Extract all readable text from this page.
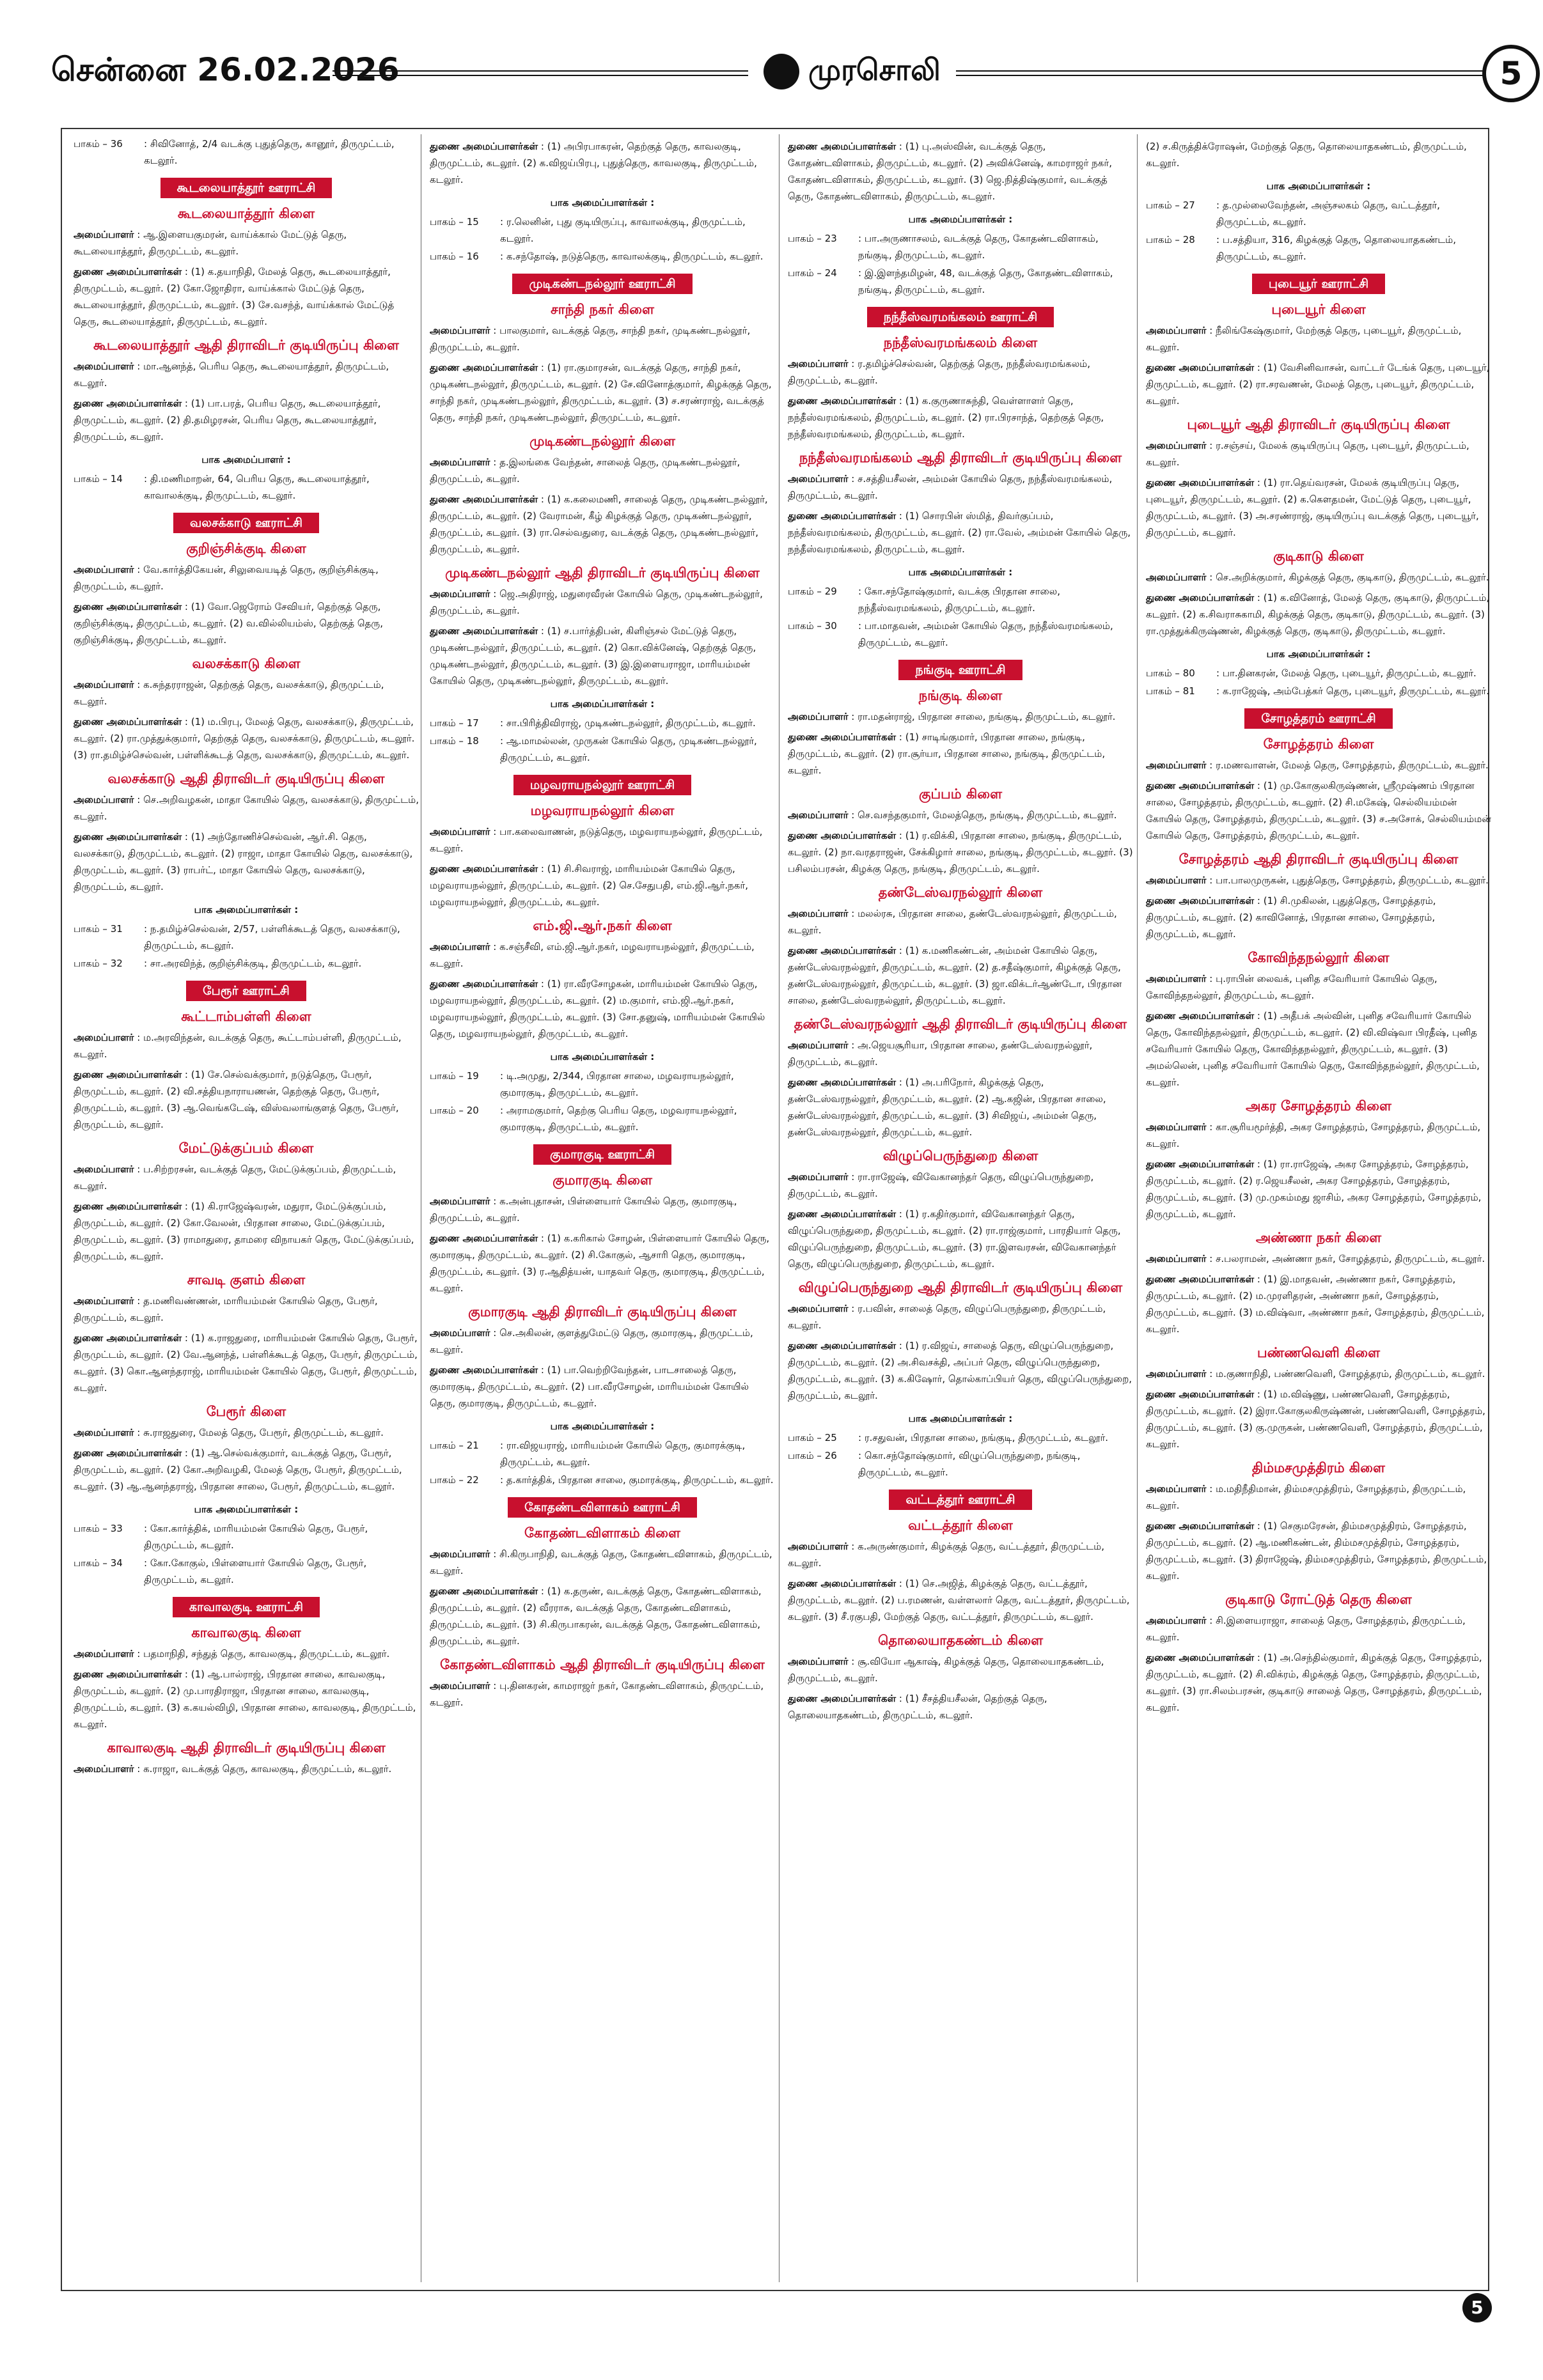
சென்னை 26.02.2026	முரசொலி	5
பாகம் – 36	: சிவினோத், 2/4 வடக்கு புதுத்தெரு, கானூர், திருமுட்டம், கடலூர்.
கூடலையாத்தூர் ஊராட்சி
கூடலையாத்தூர் கிளை
அமைப்பாளர் : ஆ.இளையகுமரன், வாய்க்கால் மேட்டுத் தெரு, கூடலையாத்தூர், திருமுட்டம், கடலூர்.
துணை அமைப்பாளர்கள் : (1) க.தயாநிதி, மேலத் தெரு, கூடலையாத்தூர், திருமுட்டம், கடலூர். (2) கோ.ஜோதிரா, வாய்க்கால் மேட்டுத் தெரு, கூடலையாத்தூர், திருமுட்டம், கடலூர். (3) சே.வசந்த், வாய்க்கால் மேட்டுத் தெரு, கூடலையாத்தூர், திருமுட்டம், கடலூர்.
கூடலையாத்தூர் ஆதி திராவிடர் குடியிருப்பு கிளை
அமைப்பாளர் : மா.ஆனந்த், பெரிய தெரு, கூடலையாத்தூர், திருமுட்டம், கடலூர்.
துணை அமைப்பாளர்கள் : (1) பா.பரத், பெரிய தெரு, கூடலையாத்தூர், திருமுட்டம், கடலூர். (2) தி.தமிழரசன், பெரிய தெரு, கூடலையாத்தூர், திருமுட்டம், கடலூர்.
பாக அமைப்பாளர் :
பாகம் – 14	: தி.மணிமாறன், 64, பெரிய தெரு, கூடலையாத்தூர், காவாலக்குடி, திருமுட்டம், கடலூர்.
வலசக்காடு ஊராட்சி
குறிஞ்சிக்குடி கிளை
அமைப்பாளர் : வே.கார்த்திகேயன், சிலுவையடித் தெரு, குறிஞ்சிக்குடி, திருமுட்டம், கடலூர்.
துணை அமைப்பாளர்கள் : (1) வோ.ஜெரோம் சேவியர், தெற்குத் தெரு, குறிஞ்சிக்குடி, திருமுட்டம், கடலூர். (2) வ.வில்லியம்ஸ், தெற்குத் தெரு, குறிஞ்சிக்குடி, திருமுட்டம், கடலூர்.
வலசக்காடு கிளை
அமைப்பாளர் : க.சுந்தரராஜன், தெற்குத் தெரு, வலசக்காடு, திருமுட்டம், கடலூர்.
துணை அமைப்பாளர்கள் : (1) ம.பிரபு, மேலத் தெரு, வலசக்காடு, திருமுட்டம், கடலூர். (2) ரா.முத்துக்குமார், தெற்குத் தெரு, வலசக்காடு, திருமுட்டம், கடலூர். (3) ரா.தமிழ்ச்செல்வன், பள்ளிக்கூடத் தெரு, வலசக்காடு, திருமுட்டம், கடலூர்.
வலசக்காடு ஆதி திராவிடர் குடியிருப்பு கிளை
அமைப்பாளர் : செ.அறிவழகன், மாதா கோயில் தெரு, வலசக்காடு, திருமுட்டம், கடலூர்.
துணை அமைப்பாளர்கள் : (1) அந்தோணிச்செல்வன், ஆர்.சி. தெரு, வலசக்காடு, திருமுட்டம், கடலூர். (2) ராஜா, மாதா கோயில் தெரு, வலசக்காடு, திருமுட்டம், கடலூர். (3) ராபர்ட், மாதா கோயில் தெரு, வலசக்காடு, திருமுட்டம், கடலூர்.
பாக அமைப்பாளர்கள் :
பாகம் – 31	: ந.தமிழ்ச்செல்வன், 2/57, பள்ளிக்கூடத் தெரு, வலசக்காடு, திருமுட்டம், கடலூர்.
பாகம் – 32	: சா.அரவிந்த், குறிஞ்சிக்குடி, திருமுட்டம், கடலூர்.
பேரூர் ஊராட்சி
கூட்டாம்பள்ளி கிளை
அமைப்பாளர் : ம.அரவிந்தன், வடக்குத் தெரு, கூட்டாம்பள்ளி, திருமுட்டம், கடலூர்.
துணை அமைப்பாளர்கள் : (1) சே.செல்வக்குமார், நடுத்தெரு, பேரூர், திருமுட்டம், கடலூர். (2) வி.சத்தியநாராயணன், தெற்குத் தெரு, பேரூர், திருமுட்டம், கடலூர். (3) ஆ.வெங்கடேஷ், விஸ்வலாங்குளத் தெரு, பேரூர், திருமுட்டம், கடலூர்.
மேட்டுக்குப்பம் கிளை
அமைப்பாளர் : ப.சிற்றரசன், வடக்குத் தெரு, மேட்டுக்குப்பம், திருமுட்டம், கடலூர்.
துணை அமைப்பாளர்கள் : (1) கி.ராஜேஷ்வரன், மதுரா, மேட்டுக்குப்பம், திருமுட்டம், கடலூர். (2) கோ.வேலன், பிரதான சாலை, மேட்டுக்குப்பம், திருமுட்டம், கடலூர். (3) ராமாதுரை, தாமரை விநாயகர் தெரு, மேட்டுக்குப்பம், திருமுட்டம், கடலூர்.
சாவடி குளம் கிளை
அமைப்பாளர் : த.மணிவண்ணன், மாரியம்மன் கோயில் தெரு, பேரூர், திருமுட்டம், கடலூர்.
துணை அமைப்பாளர்கள் : (1) க.ராஜதுரை, மாரியம்மன் கோயில் தெரு, பேரூர், திருமுட்டம், கடலூர். (2) வே.ஆனந்த், பள்ளிக்கூடத் தெரு, பேரூர், திருமுட்டம், கடலூர். (3) கொ.ஆனந்தராஜ், மாரியம்மன் கோயில் தெரு, பேரூர், திருமுட்டம், கடலூர்.
பேரூர் கிளை
அமைப்பாளர் : சு.ராஜதுரை, மேலத் தெரு, பேரூர், திருமுட்டம், கடலூர்.
துணை அமைப்பாளர்கள் : (1) ஆ.செல்வக்குமார், வடக்குத் தெரு, பேரூர், திருமுட்டம், கடலூர். (2) கோ.அறிவழகி, மேலத் தெரு, பேரூர், திருமுட்டம், கடலூர். (3) ஆ.ஆனந்தராஜ், பிரதான சாலை, பேரூர், திருமுட்டம், கடலூர்.
பாக அமைப்பாளர்கள் :
பாகம் – 33	: கோ.கார்த்திக், மாரியம்மன் கோயில் தெரு, பேரூர், திருமுட்டம், கடலூர்.
பாகம் – 34	: கோ.கோகுல், பிள்ளையார் கோயில் தெரு, பேரூர், திருமுட்டம், கடலூர்.
காவாலகுடி ஊராட்சி
காவாலகுடி கிளை
அமைப்பாளர் : பதமாநிதி, சந்துத் தெரு, காவலகுடி, திருமுட்டம், கடலூர்.
துணை அமைப்பாளர்கள் : (1) ஆ.பால்ராஜ், பிரதான சாலை, காவலகுடி, திருமுட்டம், கடலூர். (2) மு.பாரதிராஜா, பிரதான சாலை, காவலகுடி, திருமுட்டம், கடலூர். (3) க.கயல்விழி, பிரதான சாலை, காவலகுடி, திருமுட்டம், கடலூர்.
காவாலகுடி ஆதி திராவிடர் குடியிருப்பு கிளை
அமைப்பாளர் : க.ராஜா, வடக்குத் தெரு, காவலகுடி, திருமுட்டம், கடலூர்.
துணை அமைப்பாளர்கள் : (1) அபிரபாகரன், தெற்குத் தெரு, காவலகுடி, திருமுட்டம், கடலூர். (2) க.விஜய்பிரபு, புதுத்தெரு, காவலகுடி, திருமுட்டம், கடலூர்.
பாக அமைப்பாளர்கள் :
பாகம் – 15	: ர.லெனின், புது குடியிருப்பு, காவாலக்குடி, திருமுட்டம், கடலூர்.
பாகம் – 16	: க.சந்தோஷ், நடுத்தெரு, காவாலக்குடி, திருமுட்டம், கடலூர்.
முடிகண்டநல்லூர் ஊராட்சி
சாந்தி நகர் கிளை
அமைப்பாளர் : பாலகுமார், வடக்குத் தெரு, சாந்தி நகர், முடிகண்டநல்லூர், திருமுட்டம், கடலூர்.
துணை அமைப்பாளர்கள் : (1) ரா.குமாரசன், வடக்குத் தெரு, சாந்தி நகர், முடிகண்டநல்லூர், திருமுட்டம், கடலூர். (2) சே.வினோத்குமார், கிழக்குத் தெரு, சாந்தி நகர், முடிகண்டநல்லூர், திருமுட்டம், கடலூர். (3) ச.சரண்ராஜ், வடக்குத் தெரு, சாந்தி நகர், முடிகண்டநல்லூர், திருமுட்டம், கடலூர்.
முடிகண்டநல்லூர் கிளை
அமைப்பாளர் : த.இலங்கை வேந்தன், சாலைத் தெரு, முடிகண்டநல்லூர், திருமுட்டம், கடலூர்.
துணை அமைப்பாளர்கள் : (1) க.கலைமணி, சாலைத் தெரு, முடிகண்டநல்லூர், திருமுட்டம், கடலூர். (2) வேராமன், கீழ் கிழக்குத் தெரு, முடிகண்டநல்லூர், திருமுட்டம், கடலூர். (3) ரா.செல்வதுரை, வடக்குத் தெரு, முடிகண்டநல்லூர், திருமுட்டம், கடலூர்.
முடிகண்டநல்லூர் ஆதி திராவிடர் குடியிருப்பு கிளை
அமைப்பாளர் : ஜெ.அதிராஜ், மதுரைவீரன் கோயில் தெரு, முடிகண்டநல்லூர், திருமுட்டம், கடலூர்.
துணை அமைப்பாளர்கள் : (1) ச.பார்த்திபன், கிளிஞ்சல் மேட்டுத் தெரு, முடிகண்டநல்லூர், திருமுட்டம், கடலூர். (2) கொ.விக்னேஷ், தெற்குத் தெரு, முடிகண்டநல்லூர், திருமுட்டம், கடலூர். (3) இ.இளையராஜா, மாரியம்மன் கோயில் தெரு, முடிகண்டநல்லூர், திருமுட்டம், கடலூர்.
பாக அமைப்பாளர்கள் :
பாகம் – 17	: சா.பிரித்திவிராஜ், முடிகண்டநல்லூர், திருமுட்டம், கடலூர்.
பாகம் – 18	: ஆ.மாமல்லன், முருகன் கோயில் தெரு, முடிகண்டநல்லூர், திருமுட்டம், கடலூர்.
மழவராயநல்லூர் ஊராட்சி
மழவராயநல்லூர் கிளை
அமைப்பாளர் : பா.கலைவாணன், நடுத்தெரு, மழவராயநல்லூர், திருமுட்டம், கடலூர்.
துணை அமைப்பாளர்கள் : (1) சி.சிவராஜ், மாரியம்மன் கோயில் தெரு, மழவராயநல்லூர், திருமுட்டம், கடலூர். (2) செ.சேதுபதி, எம்.ஜி.ஆர்.நகர், மழவராயநல்லூர், திருமுட்டம், கடலூர்.
எம்.ஜி.ஆர்.நகர் கிளை
அமைப்பாளர் : க.சஞ்சீவி, எம்.ஜி.ஆர்.நகர், மழவராயநல்லூர், திருமுட்டம், கடலூர்.
துணை அமைப்பாளர்கள் : (1) ரா.வீரசோழகன், மாரியம்மன் கோயில் தெரு, மழவராயநல்லூர், திருமுட்டம், கடலூர். (2) ம.குமார், எம்.ஜி.ஆர்.நகர், மழவராயநல்லூர், திருமுட்டம், கடலூர். (3) சோ.தனுஷ், மாரியம்மன் கோயில் தெரு, மழவராயநல்லூர், திருமுட்டம், கடலூர்.
பாக அமைப்பாளர்கள் :
பாகம் – 19	: டி.அமுது, 2/344, பிரதான சாலை, மழவராயநல்லூர், குமாரகுடி, திருமுட்டம், கடலூர்.
பாகம் – 20	: அராமகுமார், தெற்கு பெரிய தெரு, மழவராயநல்லூர், குமாரகுடி, திருமுட்டம், கடலூர்.
குமாரகுடி ஊராட்சி
குமாரகுடி கிளை
அமைப்பாளர் : க.அன்புதாசன், பிள்ளையார் கோயில் தெரு, குமாரகுடி, திருமுட்டம், கடலூர்.
துணை அமைப்பாளர்கள் : (1) க.கரிகால் சோழன், பிள்ளையார் கோயில் தெரு, குமாரகுடி, திருமுட்டம், கடலூர். (2) சி.கோகுல், ஆசாரி தெரு, குமாரகுடி, திருமுட்டம், கடலூர். (3) ர.ஆதித்யன், யாதவர் தெரு, குமாரகுடி, திருமுட்டம், கடலூர்.
குமாரகுடி ஆதி திராவிடர் குடியிருப்பு கிளை
அமைப்பாளர் : செ.அகிலன், குளத்துமேட்டு தெரு, குமாரகுடி, திருமுட்டம், கடலூர்.
துணை அமைப்பாளர்கள் : (1) பா.வெற்றிவேந்தன், பாடசாலைத் தெரு, குமாரகுடி, திருமுட்டம், கடலூர். (2) பா.வீரசோழன், மாரியம்மன் கோயில் தெரு, குமாரகுடி, திருமுட்டம், கடலூர்.
பாக அமைப்பாளர்கள் :
பாகம் – 21	: ரா.விஜயராஜ், மாரியம்மன் கோயில் தெரு, குமாரக்குடி, திருமுட்டம், கடலூர்.
பாகம் – 22	: த.கார்த்திக், பிரதான சாலை, குமாரக்குடி, திருமுட்டம், கடலூர்.
கோதண்டவிளாகம் ஊராட்சி
கோதண்டவிளாகம் கிளை
அமைப்பாளர் : சி.கிருபாநிதி, வடக்குத் தெரு, கோதண்டவிளாகம், திருமுட்டம், கடலூர்.
துணை அமைப்பாளர்கள் : (1) க.தருண், வடக்குத் தெரு, கோதண்டவிளாகம், திருமுட்டம், கடலூர். (2) வீரராசு, வடக்குத் தெரு, கோதண்டவிளாகம், திருமுட்டம், கடலூர். (3) சி.கிருபாகரன், வடக்குத் தெரு, கோதண்டவிளாகம், திருமுட்டம், கடலூர்.
கோதண்டவிளாகம் ஆதி திராவிடர் குடியிருப்பு கிளை
அமைப்பாளர் : பு.தினகரன், காமராஜர் நகர், கோதண்டவிளாகம், திருமுட்டம், கடலூர்.
துணை அமைப்பாளர்கள் : (1) பு.அஸ்வின், வடக்குத் தெரு, கோதண்டவிளாகம், திருமுட்டம், கடலூர். (2) அவிக்னேஷ், காமராஜர் நகர், கோதண்டவிளாகம், திருமுட்டம், கடலூர். (3) ஜெ.நித்திஷ்குமார், வடக்குத் தெரு, கோதண்டவிளாகம், திருமுட்டம், கடலூர்.
பாக அமைப்பாளர்கள் :
பாகம் – 23	: பா.அருணாசலம், வடக்குத் தெரு, கோதண்டவிளாகம், நங்குடி, திருமுட்டம், கடலூர்.
பாகம் – 24	: இ.இளந்தமிழன், 48, வடக்குத் தெரு, கோதண்டவிளாகம், நங்குடி, திருமுட்டம், கடலூர்.
நந்தீஸ்வரமங்கலம் ஊராட்சி
நந்தீஸ்வரமங்கலம் கிளை
அமைப்பாளர் : ர.தமிழ்ச்செல்வன், தெற்குத் தெரு, நந்தீஸ்வரமங்கலம், திருமுட்டம், கடலூர்.
துணை அமைப்பாளர்கள் : (1) க.குருணாசுந்தி, வெள்ளாளர் தெரு, நந்தீஸ்வரமங்கலம், திருமுட்டம், கடலூர். (2) ரா.பிரசாந்த், தெற்குத் தெரு, நந்தீஸ்வரமங்கலம், திருமுட்டம், கடலூர்.
நந்தீஸ்வரமங்கலம் ஆதி திராவிடர் குடியிருப்பு கிளை
அமைப்பாளர் : ச.சத்தியசீலன், அம்மன் கோயில் தெரு, நந்தீஸ்வரமங்கலம், திருமுட்டம், கடலூர்.
துணை அமைப்பாளர்கள் : (1) சொரபின் ஸ்மித், திவர்குப்பம், நந்தீஸ்வரமங்கலம், திருமுட்டம், கடலூர். (2) ரா.வேல், அம்மன் கோயில் தெரு, நந்தீஸ்வரமங்கலம், திருமுட்டம், கடலூர்.
பாக அமைப்பாளர்கள் :
பாகம் – 29	: கோ.சந்தோஷ்குமார், வடக்கு பிரதான சாலை, நந்தீஸ்வரமங்கலம், திருமுட்டம், கடலூர்.
பாகம் – 30	: பா.மாதவன், அம்மன் கோயில் தெரு, நந்தீஸ்வரமங்கலம், திருமுட்டம், கடலூர்.
நங்குடி ஊராட்சி
நங்குடி கிளை
அமைப்பாளர் : ரா.மதன்ராஜ், பிரதான சாலை, நங்குடி, திருமுட்டம், கடலூர்.
துணை அமைப்பாளர்கள் : (1) சாடிங்குமார், பிரதான சாலை, நங்குடி, திருமுட்டம், கடலூர். (2) ரா.சூர்யா, பிரதான சாலை, நங்குடி, திருமுட்டம், கடலூர்.
குப்பம் கிளை
அமைப்பாளர் : செ.வசந்தகுமார், மேலத்தெரு, நங்குடி, திருமுட்டம், கடலூர்.
துணை அமைப்பாளர்கள் : (1) ர.விக்கி, பிரதான சாலை, நங்குடி, திருமுட்டம், கடலூர். (2) நா.வரதராஜன், சேக்கிழார் சாலை, நங்குடி, திருமுட்டம், கடலூர். (3) பசிலம்பரசன், கிழக்கு தெரு, நங்குடி, திருமுட்டம், கடலூர்.
தண்டேஸ்வரநல்லூர் கிளை
அமைப்பாளர் : மலல்ரசு, பிரதான சாலை, தண்டேஸ்வரநல்லூர், திருமுட்டம், கடலூர்.
துணை அமைப்பாளர்கள் : (1) க.மணிகண்டன், அம்மன் கோயில் தெரு, தண்டேஸ்வரநல்லூர், திருமுட்டம், கடலூர். (2) த.சதீஷ்குமார், கிழக்குத் தெரு, தண்டேஸ்வரநல்லூர், திருமுட்டம், கடலூர். (3) ஜா.விக்டர்ஆண்டோ, பிரதான சாலை, தண்டேஸ்வரநல்லூர், திருமுட்டம், கடலூர்.
தண்டேஸ்வரநல்லூர் ஆதி திராவிடர் குடியிருப்பு கிளை
அமைப்பாளர் : அ.ஜெயசூரியா, பிரதான சாலை, தண்டேஸ்வரநல்லூர், திருமுட்டம், கடலூர்.
துணை அமைப்பாளர்கள் : (1) அ.பரிநோர், கிழக்குத் தெரு, தண்டேஸ்வரநல்லூர், திருமுட்டம், கடலூர். (2) ஆ.கஜின், பிரதான சாலை, தண்டேஸ்வரநல்லூர், திருமுட்டம், கடலூர். (3) சிவிஜய், அம்மன் தெரு, தண்டேஸ்வரநல்லூர், திருமுட்டம், கடலூர்.
விழுப்பெருந்துறை கிளை
அமைப்பாளர் : ரா.ராஜேஷ், விவேகானந்தர் தெரு, விழுப்பெருந்துறை, திருமுட்டம், கடலூர்.
துணை அமைப்பாளர்கள் : (1) ர.கதிர்குமார், விவேகானந்தர் தெரு, விழுப்பெருந்துறை, திருமுட்டம், கடலூர். (2) ரா.ராஜ்குமார், பாரதியார் தெரு, விழுப்பெருந்துறை, திருமுட்டம், கடலூர். (3) ரா.இளவரசன், விவேகானந்தர் தெரு, விழுப்பெருந்துறை, திருமுட்டம், கடலூர்.
விழுப்பெருந்துறை ஆதி திராவிடர் குடியிருப்பு கிளை
அமைப்பாளர் : ர.பவின், சாலைத் தெரு, விழுப்பெருந்துறை, திருமுட்டம், கடலூர்.
துணை அமைப்பாளர்கள் : (1) ர.விஜய், சாலைத் தெரு, விழுப்பெருந்துறை, திருமுட்டம், கடலூர். (2) அ.சிவசக்தி, அப்பர் தெரு, விழுப்பெருந்துறை, திருமுட்டம், கடலூர். (3) க.கிஷோர், தொல்காப்பியர் தெரு, விழுப்பெருந்துறை, திருமுட்டம், கடலூர்.
பாக அமைப்பாளர்கள் :
பாகம் – 25	: ர.சதுவன், பிரதான சாலை, நங்குடி, திருமுட்டம், கடலூர்.
பாகம் – 26	: கொ.சந்தோஷ்குமார், விழுப்பெருந்துறை, நங்குடி, திருமுட்டம், கடலூர்.
வட்டத்தூர் ஊராட்சி
வட்டத்தூர் கிளை
அமைப்பாளர் : க.அருண்குமார், கிழக்குத் தெரு, வட்டத்தூர், திருமுட்டம், கடலூர்.
துணை அமைப்பாளர்கள் : (1) செ.அஜித், கிழக்குத் தெரு, வட்டத்தூர், திருமுட்டம், கடலூர். (2) ப.ரமணன், வள்ளலார் தெரு, வட்டத்தூர், திருமுட்டம், கடலூர். (3) சீ.ரகுபதி, மேற்குத் தெரு, வட்டத்தூர், திருமுட்டம், கடலூர்.
தொலையாதகண்டம் கிளை
அமைப்பாளர் : சூ.வியோ ஆகாஷ், கிழக்குத் தெரு, தொலையாதகண்டம், திருமுட்டம், கடலூர்.
துணை அமைப்பாளர்கள் : (1) சீசத்தியசீலன், தெற்குத் தெரு, தொலையாதகண்டம், திருமுட்டம், கடலூர்.
(2) ச.கிருத்திக்ரோஷன், மேற்குத் தெரு, தொலையாதகண்டம், திருமுட்டம், கடலூர்.
பாக அமைப்பாளர்கள் :
பாகம் – 27	: த.முல்லைவேந்தன், அஞ்சலகம் தெரு, வட்டத்தூர், திருமுட்டம், கடலூர்.
பாகம் – 28	: ப.சத்தியா, 316, கிழக்குத் தெரு, தொலையாதகண்டம், திருமுட்டம், கடலூர்.
புடையூர் ஊராட்சி
புடையூர் கிளை
அமைப்பாளர் : நீலிங்கேஷ்குமார், மேற்குத் தெரு, புடையூர், திருமுட்டம், கடலூர்.
துணை அமைப்பாளர்கள் : (1) வேசினிவாசன், வாட்டர் டேங்க் தெரு, புடையூர், திருமுட்டம், கடலூர். (2) ரா.சரவணன், மேலத் தெரு, புடையூர், திருமுட்டம், கடலூர்.
புடையூர் ஆதி திராவிடர் குடியிருப்பு கிளை
அமைப்பாளர் : ர.சஞ்சய், மேலக் குடியிருப்பு தெரு, புடையூர், திருமுட்டம், கடலூர்.
துணை அமைப்பாளர்கள் : (1) ரா.தெய்வரசன், மேலக் குடியிருப்பு தெரு, புடையூர், திருமுட்டம், கடலூர். (2) க.கௌதமன், மேட்டுத் தெரு, புடையூர், திருமுட்டம், கடலூர். (3) அ.சரண்ராஜ், குடியிருப்பு வடக்குத் தெரு, புடையூர், திருமுட்டம், கடலூர்.
குடிகாடு கிளை
அமைப்பாளர் : செ.அறிக்குமார், கிழக்குத் தெரு, குடிகாடு, திருமுட்டம், கடலூர்.
துணை அமைப்பாளர்கள் : (1) க.வினோத், மேலத் தெரு, குடிகாடு, திருமுட்டம், கடலூர். (2) க.சிவராசுகாமி, கிழக்குத் தெரு, குடிகாடு, திருமுட்டம், கடலூர். (3) ரா.முத்துக்கிருஷ்ணன், கிழக்குத் தெரு, குடிகாடு, திருமுட்டம், கடலூர்.
பாக அமைப்பாளர்கள் :
பாகம் – 80	: பா.தினகரன், மேலத் தெரு, புடையூர், திருமுட்டம், கடலூர்.
பாகம் – 81	: க.ராஜேஷ், அம்பேத்கர் தெரு, புடையூர், திருமுட்டம், கடலூர்.
சோழத்தரம் ஊராட்சி
சோழத்தரம் கிளை
அமைப்பாளர் : ர.மணவாளன், மேலத் தெரு, சோழத்தரம், திருமுட்டம், கடலூர்.
துணை அமைப்பாளர்கள் : (1) மு.கோகுலகிருஷ்ணன், ஸ்ரீமுஷ்ணம் பிரதான சாலை, சோழத்தரம், திருமுட்டம், கடலூர். (2) சி.மகேஷ், செல்லியம்மன் கோயில் தெரு, சோழத்தரம், திருமுட்டம், கடலூர். (3) ச.அசோக், செல்லியம்மன் கோயில் தெரு, சோழத்தரம், திருமுட்டம், கடலூர்.
சோழத்தரம் ஆதி திராவிடர் குடியிருப்பு கிளை
அமைப்பாளர் : பா.பாலமுருகன், புதுத்தெரு, சோழத்தரம், திருமுட்டம், கடலூர்.
துணை அமைப்பாளர்கள் : (1) சி.முகிலன், புதுத்தெரு, சோழத்தரம், திருமுட்டம், கடலூர். (2) காவினோத், பிரதான சாலை, சோழத்தரம், திருமுட்டம், கடலூர்.
கோவிந்தநல்லூர் கிளை
அமைப்பாளர் : பு.ராபின் லைவக், புனித சவேரியார் கோயில் தெரு, கோவிந்தநல்லூர், திருமுட்டம், கடலூர்.
துணை அமைப்பாளர்கள் : (1) அதீபக் அல்வின், புனித சவேரியார் கோயில் தெரு, கோவிந்தநல்லூர், திருமுட்டம், கடலூர். (2) வி.விஷ்வா பிரதீஷ், புனித சவேரியார் கோயில் தெரு, கோவிந்தநல்லூர், திருமுட்டம், கடலூர். (3) அமல்லென், புனித சவேரியார் கோயில் தெரு, கோவிந்தநல்லூர், திருமுட்டம், கடலூர்.
அகர சோழத்தரம் கிளை
அமைப்பாளர் : கா.சூரியமூர்த்தி, அகர சோழத்தரம், சோழத்தரம், திருமுட்டம், கடலூர்.
துணை அமைப்பாளர்கள் : (1) ரா.ராஜேஷ், அகர சோழத்தரம், சோழத்தரம், திருமுட்டம், கடலூர். (2) ர.ஜெயசீலன், அகர சோழத்தரம், சோழத்தரம், திருமுட்டம், கடலூர். (3) மு.முகம்மது ஜாசிம், அகர சோழத்தரம், சோழத்தரம், திருமுட்டம், கடலூர்.
அண்ணா நகர் கிளை
அமைப்பாளர் : ச.பலராமன், அண்ணா நகர், சோழத்தரம், திருமுட்டம், கடலூர்.
துணை அமைப்பாளர்கள் : (1) இ.மாதவன், அண்ணா நகர், சோழத்தரம், திருமுட்டம், கடலூர். (2) ம.முரளிதரன், அண்ணா நகர், சோழத்தரம், திருமுட்டம், கடலூர். (3) ம.விஷ்வா, அண்ணா நகர், சோழத்தரம், திருமுட்டம், கடலூர்.
பண்ணவெளி கிளை
அமைப்பாளர் : ம.குணாநிதி, பண்ணவெளி, சோழத்தரம், திருமுட்டம், கடலூர்.
துணை அமைப்பாளர்கள் : (1) ம.விஷ்ணு, பண்ணவெளி, சோழத்தரம், திருமுட்டம், கடலூர். (2) இரா.கோகுலகிருஷ்ணன், பண்ணவெளி, சோழத்தரம், திருமுட்டம், கடலூர். (3) கு.முருகன், பண்ணவெளி, சோழத்தரம், திருமுட்டம், கடலூர்.
திம்மசமுத்திரம் கிளை
அமைப்பாளர் : ம.மதிநீதிமான், திம்மசமுத்திரம், சோழத்தரம், திருமுட்டம், கடலூர்.
துணை அமைப்பாளர்கள் : (1) செகுமரேசன், திம்மசமுத்திரம், சோழத்தரம், திருமுட்டம், கடலூர். (2) ஆ.மணிகண்டன், திம்மசமுத்திரம், சோழத்தரம், திருமுட்டம், கடலூர். (3) திராஜேஷ், திம்மசமுத்திரம், சோழத்தரம், திருமுட்டம், கடலூர்.
குடிகாடு ரோட்டுத் தெரு கிளை
அமைப்பாளர் : சி.இளையராஜா, சாலைத் தெரு, சோழத்தரம், திருமுட்டம், கடலூர்.
துணை அமைப்பாளர்கள் : (1) அ.செந்தில்குமார், கிழக்குத் தெரு, சோழத்தரம், திருமுட்டம், கடலூர். (2) சி.விக்ரம், கிழக்குத் தெரு, சோழத்தரம், திருமுட்டம், கடலூர். (3) ரா.சிலம்பரசன், குடிகாடு சாலைத் தெரு, சோழத்தரம், திருமுட்டம், கடலூர்.
5
